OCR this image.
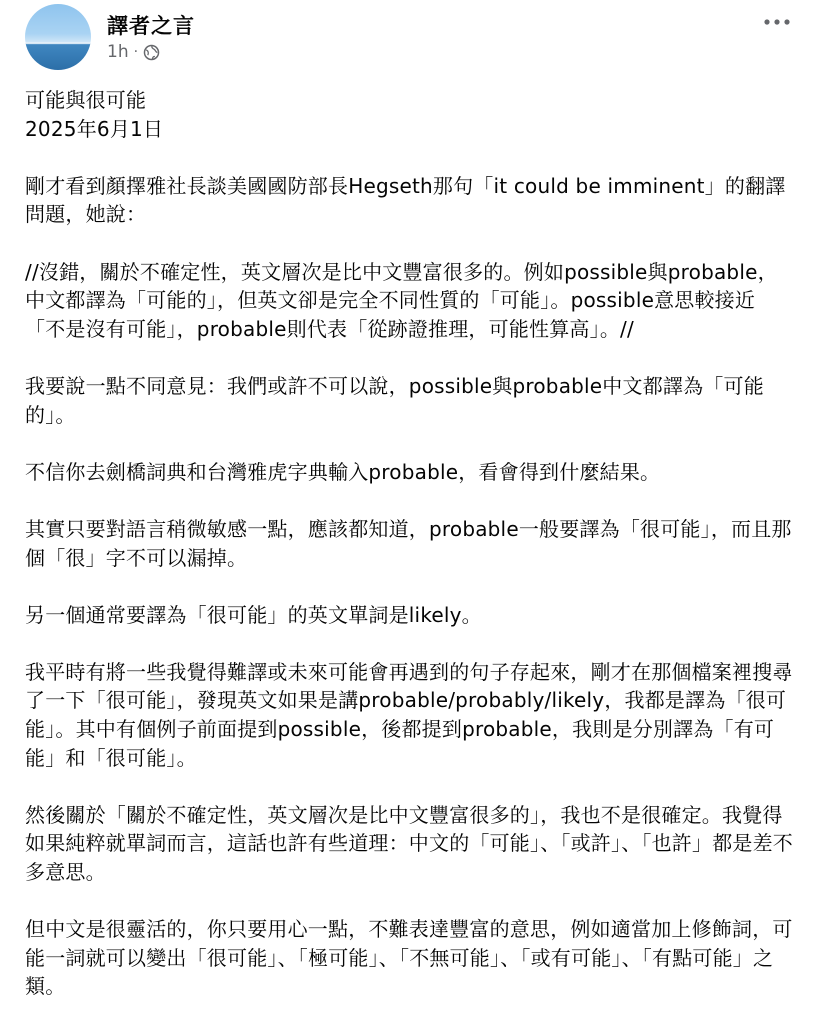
譯者之言
1h ·

可能與很可能
2025年6月1日

剛才看到顏擇雅社長談美國國防部長Hegseth那句「it could be imminent」的翻譯問題，她說：

//沒錯，關於不確定性，英文層次是比中文豐富很多的。例如possible與probable，中文都譯為「可能的」，但英文卻是完全不同性質的「可能」。possible意思較接近「不是沒有可能」，probable則代表「從跡證推理，可能性算高」。//

我要說一點不同意見：我們或許不可以說，possible與probable中文都譯為「可能的」。

不信你去劍橋詞典和台灣雅虎字典輸入probable，看會得到什麼結果。

其實只要對語言稍微敏感一點，應該都知道，probable一般要譯為「很可能」，而且那個「很」字不可以漏掉。

另一個通常要譯為「很可能」的英文單詞是likely。

我平時有將一些我覺得難譯或未來可能會再遇到的句子存起來，剛才在那個檔案裡搜尋了一下「很可能」，發現英文如果是講probable/probably/likely，我都是譯為「很可能」。其中有個例子前面提到possible，後都提到probable，我則是分別譯為「有可能」和「很可能」。

然後關於「關於不確定性，英文層次是比中文豐富很多的」，我也不是很確定。我覺得如果純粹就單詞而言，這話也許有些道理：中文的「可能」、「或許」、「也許」都是差不多意思。

但中文是很靈活的，你只要用心一點，不難表達豐富的意思，例如適當加上修飾詞，可能一詞就可以變出「很可能」、「極可能」、「不無可能」、「或有可能」、「有點可能」之類。
